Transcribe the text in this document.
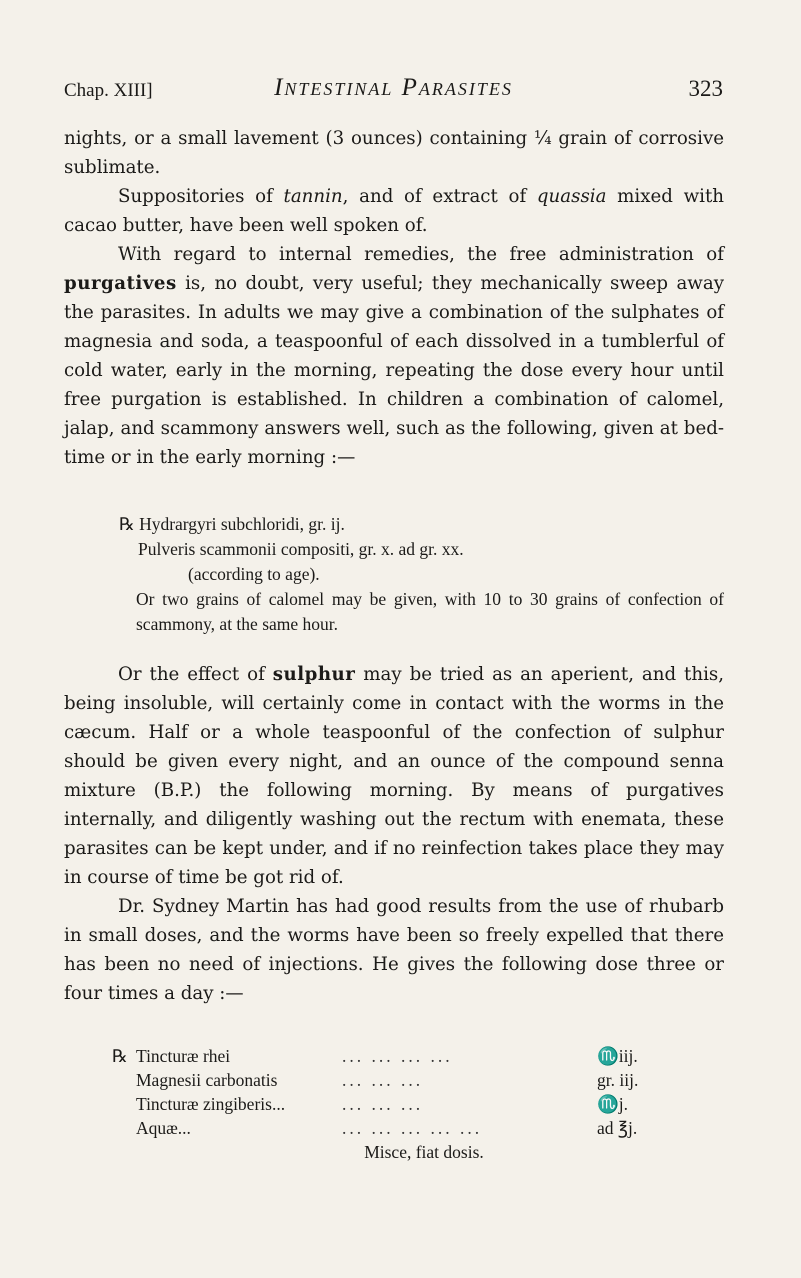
Chap. XIII]	Intestinal Parasites	323

nights, or a small lavement (3 ounces) containing ¼ grain of corrosive sublimate.

Suppositories of tannin, and of extract of quassia mixed with cacao butter, have been well spoken of.

With regard to internal remedies, the free administration of purgatives is, no doubt, very useful; they mechanically sweep away the parasites. In adults we may give a combination of the sulphates of magnesia and soda, a teaspoonful of each dissolved in a tumblerful of cold water, early in the morning, repeating the dose every hour until free purgation is established. In children a combination of calomel, jalap, and scammony answers well, such as the following, given at bed-time or in the early morning :—

℞ Hydrargyri subchloridi, gr. ij.

Pulveris scammonii compositi, gr. x. ad gr. xx.

(according to age).

Or two grains of calomel may be given, with 10 to 30 grains of confection of scammony, at the same hour.

Or the effect of sulphur may be tried as an aperient, and this, being insoluble, will certainly come in contact with the worms in the cæcum. Half or a whole teaspoonful of the confection of sulphur should be given every night, and an ounce of the compound senna mixture (B.P.) the following morning. By means of purgatives internally, and diligently washing out the rectum with enemata, these parasites can be kept under, and if no reinfection takes place they may in course of time be got rid of.

Dr. Sydney Martin has had good results from the use of rhubarb in small doses, and the worms have been so freely expelled that there has been no need of injections. He gives the following dose three or four times a day :—

℞ Tincturæ rhei	... ... ... ...	♏iij.
Magnesii carbonatis	... ... ...	gr. iij.
Tincturæ zingiberis...	... ... ...	♏j.
Aquæ...	... ... ... ... ...	ad ℥j.
Misce, fiat dosis.
